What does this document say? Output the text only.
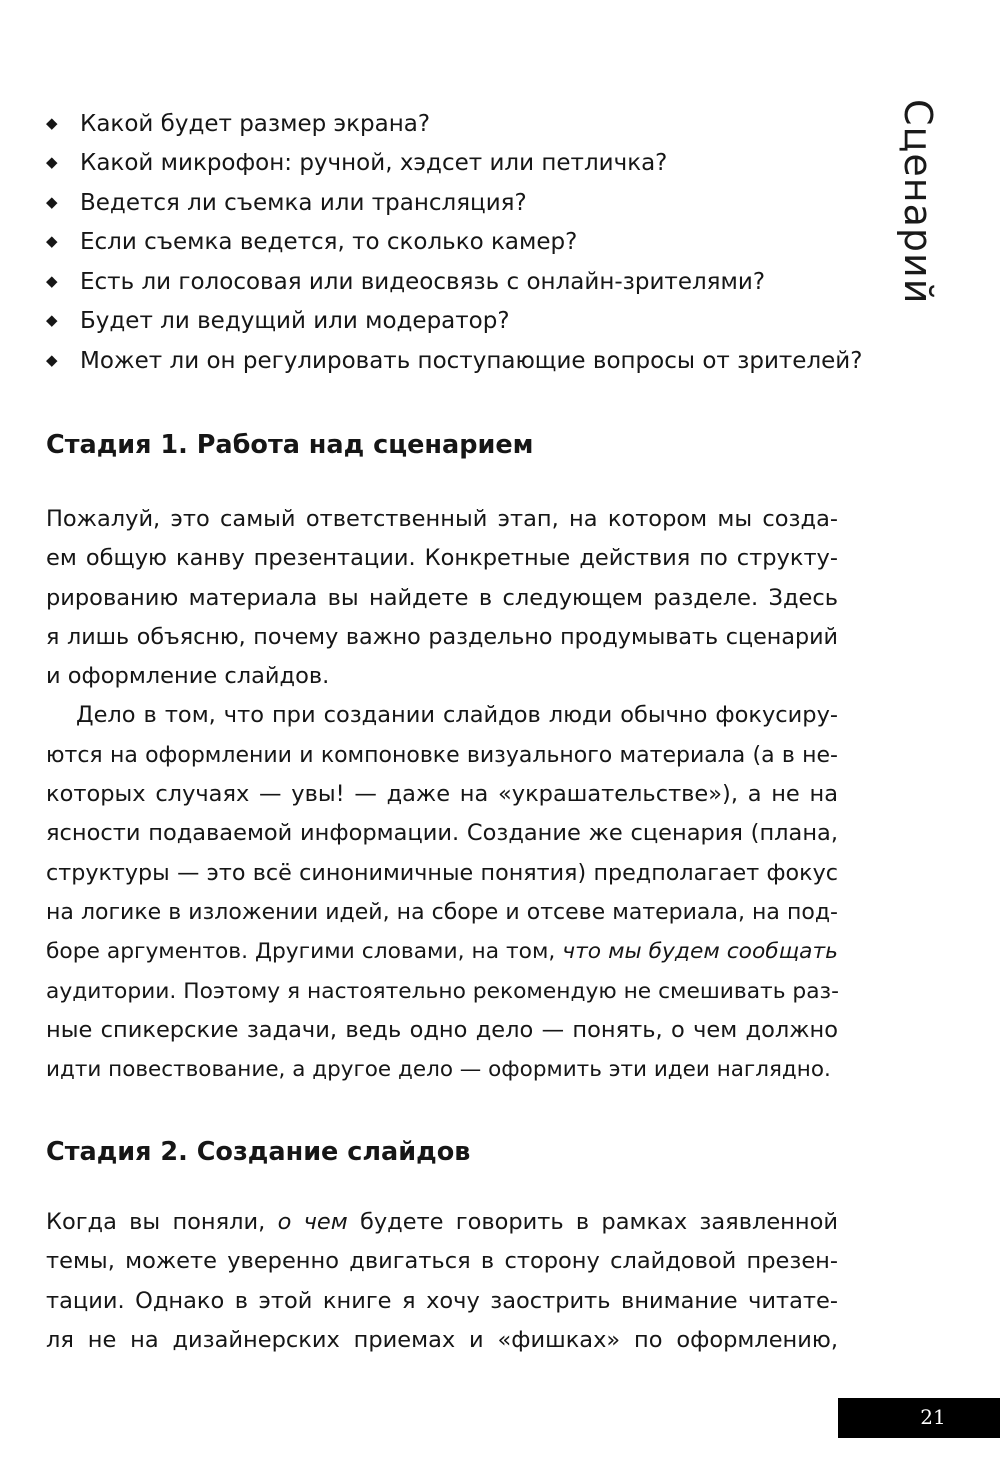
◆ Какой будет размер экрана?
◆ Какой микрофон: ручной, хэдсет или петличка?
◆ Ведется ли съемка или трансляция?
◆ Если съемка ведется, то сколько камер?
◆ Есть ли голосовая или видеосвязь с онлайн-зрителями?
◆ Будет ли ведущий или модератор?
◆ Может ли он регулировать поступающие вопросы от зрителей?
Стадия 1. Работа над сценарием
Пожалуй, это самый ответственный этап, на котором мы созда-
ем общую канву презентации. Конкретные действия по структу-
рированию материала вы найдете в следующем разделе. Здесь
я лишь объясню, почему важно раздельно продумывать сценарий
и оформление слайдов.
Дело в том, что при создании слайдов люди обычно фокусиру-
ются на оформлении и компоновке визуального материала (а в не-
которых случаях — увы! — даже на «украшательстве»), а не на
ясности подаваемой информации. Создание же сценария (плана,
структуры — это всё синонимичные понятия) предполагает фокус
на логике в изложении идей, на сборе и отсеве материала, на под-
боре аргументов. Другими словами, на том, что мы будем сообщать
аудитории. Поэтому я настоятельно рекомендую не смешивать раз-
ные спикерские задачи, ведь одно дело — понять, о чем должно
идти повествование, а другое дело — оформить эти идеи наглядно.
Стадия 2. Создание слайдов
Когда вы поняли, о чем будете говорить в рамках заявленной
темы, можете уверенно двигаться в сторону слайдовой презен-
тации. Однако в этой книге я хочу заострить внимание читате-
ля не на дизайнерских приемах и «фишках» по оформлению,
Сценарий
21
